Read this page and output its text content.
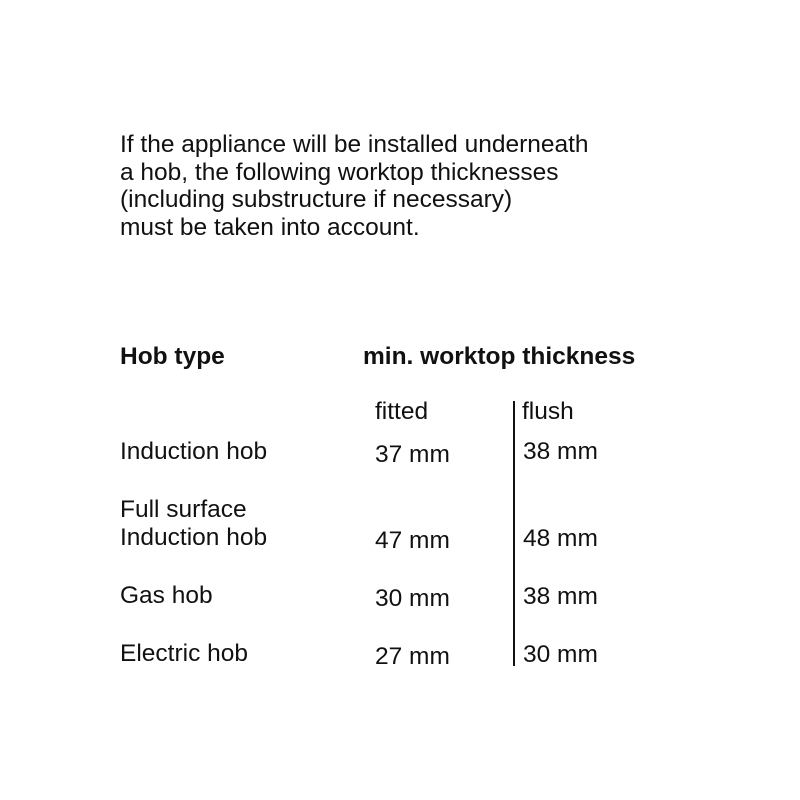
If the appliance will be installed underneath
a hob, the following worktop thicknesses
(including substructure if necessary)
must be taken into account.
Hob type	min. worktop thickness
fitted	flush
Induction hob	37 mm	38 mm
Full surface
Induction hob	47 mm	48 mm
Gas hob	30 mm	38 mm
Electric hob	27 mm	30 mm
